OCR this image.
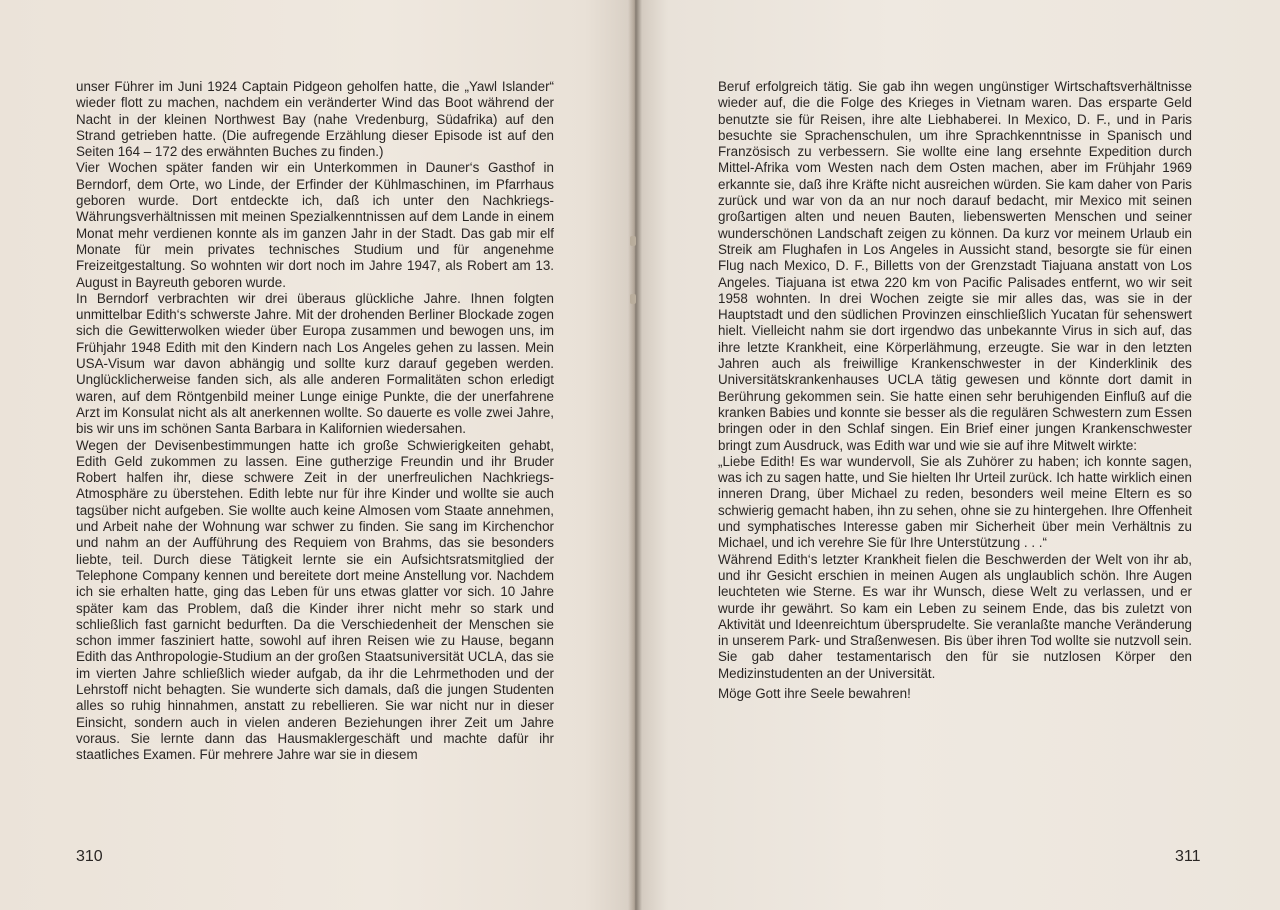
unser Führer im Juni 1924 Captain Pidgeon geholfen hatte, die „Yawl Islander“ wieder flott zu machen, nachdem ein veränderter Wind das Boot während der Nacht in der kleinen Northwest Bay (nahe Vredenburg, Südafrika) auf den Strand getrieben hatte. (Die aufregende Erzählung dieser Episode ist auf den Seiten 164 – 172 des erwähnten Buches zu finden.)

Vier Wochen später fanden wir ein Unterkommen in Dauner‘s Gasthof in Berndorf, dem Orte, wo Linde, der Erfinder der Kühlmaschinen, im Pfarrhaus geboren wurde. Dort entdeckte ich, daß ich unter den Nachkriegs-Währungsverhältnissen mit meinen Spezialkenntnissen auf dem Lande in einem Monat mehr verdienen konnte als im ganzen Jahr in der Stadt. Das gab mir elf Monate für mein privates technisches Studium und für angenehme Freizeitgestaltung. So wohnten wir dort noch im Jahre 1947, als Robert am 13. August in Bayreuth geboren wurde.

In Berndorf verbrachten wir drei überaus glückliche Jahre. Ihnen folgten unmittelbar Edith‘s schwerste Jahre. Mit der drohenden Berliner Blockade zogen sich die Gewitterwolken wieder über Europa zusammen und bewogen uns, im Frühjahr 1948 Edith mit den Kindern nach Los Angeles gehen zu lassen. Mein USA-Visum war davon abhängig und sollte kurz darauf gegeben werden. Unglücklicherweise fanden sich, als alle anderen Formalitäten schon erledigt waren, auf dem Röntgenbild meiner Lunge einige Punkte, die der unerfahrene Arzt im Konsulat nicht als alt anerkennen wollte. So dauerte es volle zwei Jahre, bis wir uns im schönen Santa Barbara in Kalifornien wiedersahen.

Wegen der Devisenbestimmungen hatte ich große Schwierigkeiten gehabt, Edith Geld zukommen zu lassen. Eine gutherzige Freundin und ihr Bruder Robert halfen ihr, diese schwere Zeit in der unerfreulichen Nachkriegs-Atmosphäre zu überstehen. Edith lebte nur für ihre Kinder und wollte sie auch tagsüber nicht aufgeben. Sie wollte auch keine Almosen vom Staate annehmen, und Arbeit nahe der Wohnung war schwer zu finden. Sie sang im Kirchenchor und nahm an der Aufführung des Requiem von Brahms, das sie besonders liebte, teil. Durch diese Tätigkeit lernte sie ein Aufsichtsratsmitglied der Telephone Company kennen und bereitete dort meine Anstellung vor. Nachdem ich sie erhalten hatte, ging das Leben für uns etwas glatter vor sich. 10 Jahre später kam das Problem, daß die Kinder ihrer nicht mehr so stark und schließlich fast garnicht bedurften. Da die Verschiedenheit der Menschen sie schon immer fasziniert hatte, sowohl auf ihren Reisen wie zu Hause, begann Edith das Anthropologie-Studium an der großen Staatsuniversität UCLA, das sie im vierten Jahre schließlich wieder aufgab, da ihr die Lehrmethoden und der Lehrstoff nicht behagten. Sie wunderte sich damals, daß die jungen Studenten alles so ruhig hinnahmen, anstatt zu rebellieren. Sie war nicht nur in dieser Einsicht, sondern auch in vielen anderen Beziehungen ihrer Zeit um Jahre voraus. Sie lernte dann das Hausmaklergeschäft und machte dafür ihr staatliches Examen. Für mehrere Jahre war sie in diesem

310

Beruf erfolgreich tätig. Sie gab ihn wegen ungünstiger Wirtschaftsverhältnisse wieder auf, die die Folge des Krieges in Vietnam waren. Das ersparte Geld benutzte sie für Reisen, ihre alte Liebhaberei. In Mexico, D. F., und in Paris besuchte sie Sprachenschulen, um ihre Sprachkenntnisse in Spanisch und Französisch zu verbessern. Sie wollte eine lang ersehnte Expedition durch Mittel-Afrika vom Westen nach dem Osten machen, aber im Frühjahr 1969 erkannte sie, daß ihre Kräfte nicht ausreichen würden. Sie kam daher von Paris zurück und war von da an nur noch darauf bedacht, mir Mexico mit seinen großartigen alten und neuen Bauten, liebenswerten Menschen und seiner wunderschönen Landschaft zeigen zu können. Da kurz vor meinem Urlaub ein Streik am Flughafen in Los Angeles in Aussicht stand, besorgte sie für einen Flug nach Mexico, D. F., Billetts von der Grenzstadt Tiajuana anstatt von Los Angeles. Tiajuana ist etwa 220 km von Pacific Palisades entfernt, wo wir seit 1958 wohnten. In drei Wochen zeigte sie mir alles das, was sie in der Hauptstadt und den südlichen Provinzen einschließlich Yucatan für sehenswert hielt. Vielleicht nahm sie dort irgendwo das unbekannte Virus in sich auf, das ihre letzte Krankheit, eine Körperlähmung, erzeugte. Sie war in den letzten Jahren auch als freiwillige Krankenschwester in der Kinderklinik des Universitätskrankenhauses UCLA tätig gewesen und könnte dort damit in Berührung gekommen sein. Sie hatte einen sehr beruhigenden Einfluß auf die kranken Babies und konnte sie besser als die regulären Schwestern zum Essen bringen oder in den Schlaf singen. Ein Brief einer jungen Krankenschwester bringt zum Ausdruck, was Edith war und wie sie auf ihre Mitwelt wirkte:

„Liebe Edith! Es war wundervoll, Sie als Zuhörer zu haben; ich konnte sagen, was ich zu sagen hatte, und Sie hielten Ihr Urteil zurück. Ich hatte wirklich einen inneren Drang, über Michael zu reden, besonders weil meine Eltern es so schwierig gemacht haben, ihn zu sehen, ohne sie zu hintergehen. Ihre Offenheit und symphatisches Interesse gaben mir Sicherheit über mein Verhältnis zu Michael, und ich verehre Sie für Ihre Unterstützung . . .“

Während Edith‘s letzter Krankheit fielen die Beschwerden der Welt von ihr ab, und ihr Gesicht erschien in meinen Augen als unglaublich schön. Ihre Augen leuchteten wie Sterne. Es war ihr Wunsch, diese Welt zu verlassen, und er wurde ihr gewährt. So kam ein Leben zu seinem Ende, das bis zuletzt von Aktivität und Ideenreichtum übersprudelte. Sie veranlaßte manche Veränderung in unserem Park- und Straßenwesen. Bis über ihren Tod wollte sie nutzvoll sein. Sie gab daher testamentarisch den für sie nutzlosen Körper den Medizinstudenten an der Universität.

Möge Gott ihre Seele bewahren!

311
